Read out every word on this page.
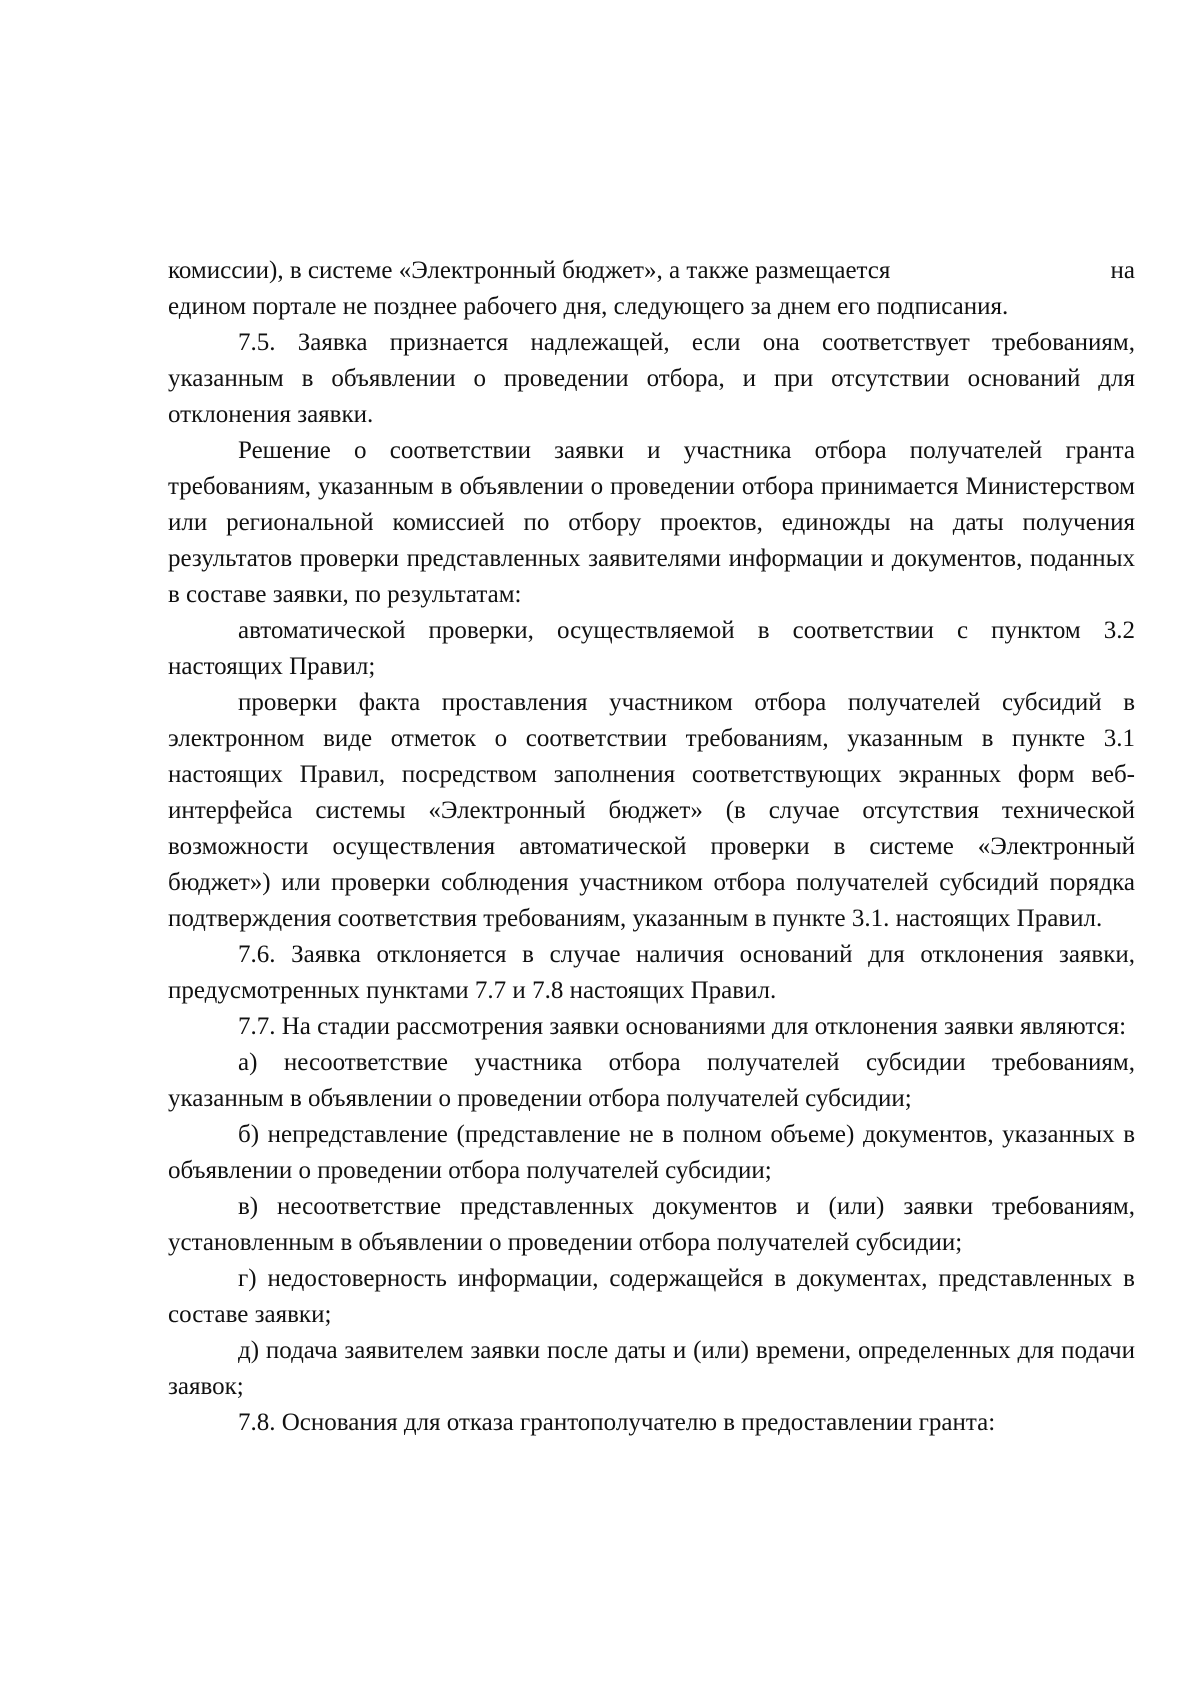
комиссии), в системе «Электронный бюджет», а также размещается	на

едином портале не позднее рабочего дня, следующего за днем его подписания.

7.5. Заявка признается надлежащей, если она соответствует требованиям, указанным в объявлении о проведении отбора, и при отсутствии оснований для отклонения заявки.

Решение о соответствии заявки и участника отбора получателей гранта требованиям, указанным в объявлении о проведении отбора принимается Министерством или региональной комиссией по отбору проектов, единожды на даты получения результатов проверки представленных заявителями информации и документов, поданных в составе заявки, по результатам:

автоматической проверки, осуществляемой в соответствии с пунктом 3.2 настоящих Правил;

проверки факта проставления участником отбора получателей субсидий в электронном виде отметок о соответствии требованиям, указанным в пункте 3.1 настоящих Правил, посредством заполнения соответствующих экранных форм веб-интерфейса системы «Электронный бюджет» (в случае отсутствия технической возможности осуществления автоматической проверки в системе «Электронный бюджет») или проверки соблюдения участником отбора получателей субсидий порядка подтверждения соответствия требованиям, указанным в пункте 3.1. настоящих Правил.

7.6. Заявка отклоняется в случае наличия оснований для отклонения заявки, предусмотренных пунктами 7.7 и 7.8 настоящих Правил.

7.7. На стадии рассмотрения заявки основаниями для отклонения заявки являются:

а) несоответствие участника отбора получателей субсидии требованиям, указанным в объявлении о проведении отбора получателей субсидии;

б) непредставление (представление не в полном объеме) документов, указанных в объявлении о проведении отбора получателей субсидии;

в) несоответствие представленных документов и (или) заявки требованиям, установленным в объявлении о проведении отбора получателей субсидии;

г) недостоверность информации, содержащейся в документах, представленных в составе заявки;

д) подача заявителем заявки после даты и (или) времени, определенных для подачи заявок;

7.8. Основания для отказа грантополучателю в предоставлении гранта:
